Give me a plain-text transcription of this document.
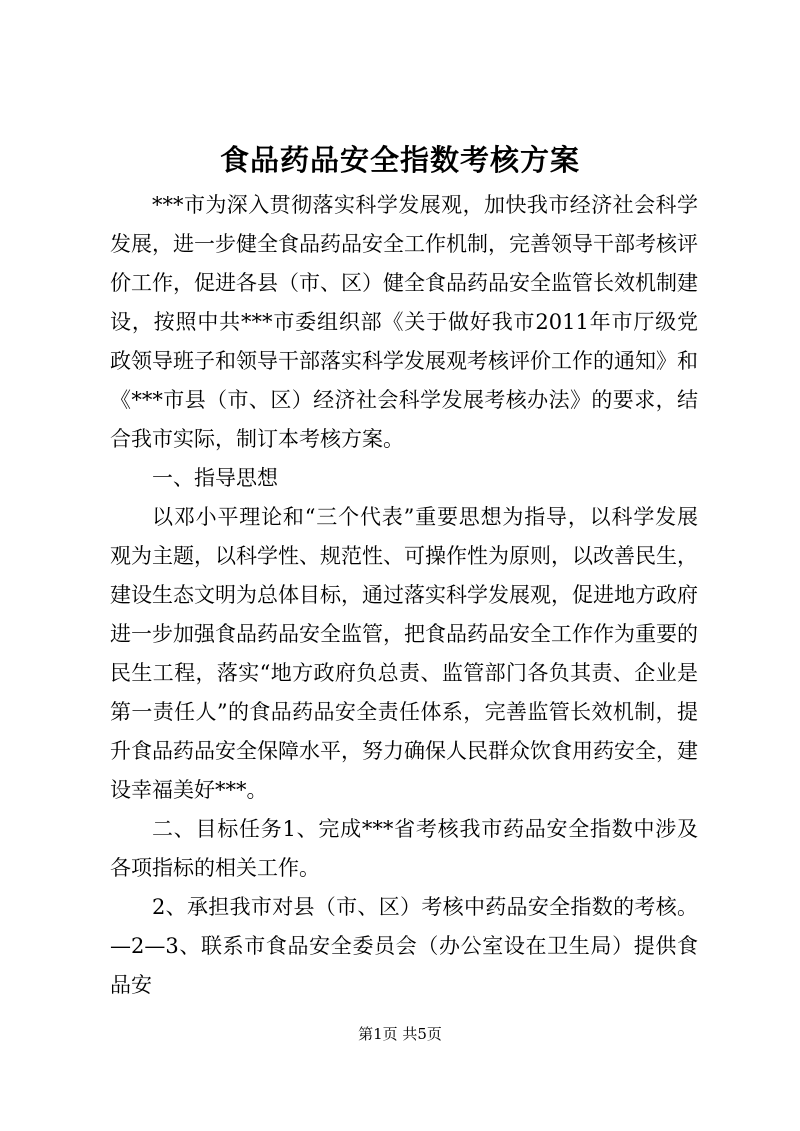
食品药品安全指数考核方案

***市为深入贯彻落实科学发展观，加快我市经济社会科学发展，进一步健全食品药品安全工作机制，完善领导干部考核评价工作，促进各县（市、区）健全食品药品安全监管长效机制建设，按照中共***市委组织部《关于做好我市2011年市厅级党政领导班子和领导干部落实科学发展观考核评价工作的通知》和《***市县（市、区）经济社会科学发展考核办法》的要求，结合我市实际，制订本考核方案。

一、指导思想

以邓小平理论和“三个代表”重要思想为指导，以科学发展观为主题，以科学性、规范性、可操作性为原则，以改善民生，建设生态文明为总体目标，通过落实科学发展观，促进地方政府进一步加强食品药品安全监管，把食品药品安全工作作为重要的民生工程，落实“地方政府负总责、监管部门各负其责、企业是第一责任人”的食品药品安全责任体系，完善监管长效机制，提升食品药品安全保障水平，努力确保人民群众饮食用药安全，建设幸福美好***。

二、目标任务1、完成***省考核我市药品安全指数中涉及各项指标的相关工作。

2、承担我市对县（市、区）考核中药品安全指数的考核。—2—3、联系市食品安全委员会（办公室设在卫生局）提供食品安

第1页 共5页
